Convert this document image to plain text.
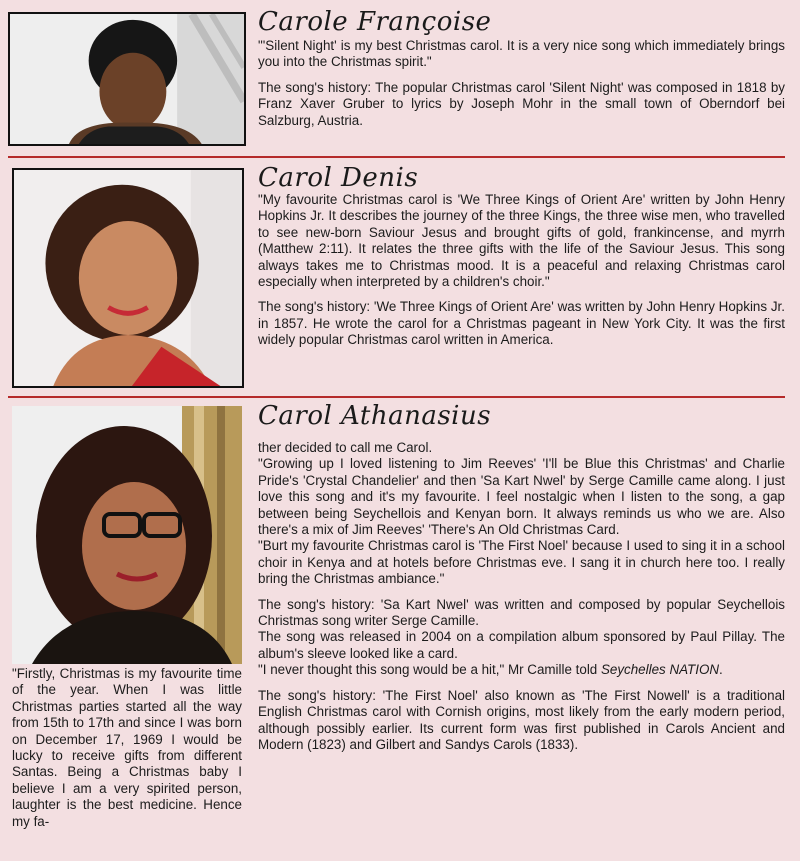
Carole Françoise

"'Silent Night' is my best Christmas carol. It is a very nice song which immediately brings you into the Christmas spirit."

The song's history: The popular Christmas carol 'Silent Night' was composed in 1818 by Franz Xaver Gruber to lyrics by Joseph Mohr in the small town of Oberndorf bei Salzburg, Austria.

Carol Denis

"My favourite Christmas carol is 'We Three Kings of Orient Are' written by John Henry Hopkins Jr. It describes the journey of the three Kings, the three wise men, who travelled to see new-born Saviour Jesus and brought gifts of gold, frankincense, and myrrh (Matthew 2:11). It relates the three gifts with the life of the Saviour Jesus. This song always takes me to Christmas mood. It is a peaceful and relaxing Christmas carol especially when interpreted by a children's choir."

The song's history: 'We Three Kings of Orient Are' was written by John Henry Hopkins Jr. in 1857. He wrote the carol for a Christmas pageant in New York City. It was the first widely popular Christmas carol written in America.

Carol Athanasius

"Firstly, Christmas is my favourite time of the year. When I was little Christmas parties started all the way from 15th to 17th and since I was born on December 17, 1969 I would be lucky to receive gifts from different Santas. Being a Christmas baby I believe I am a very spirited person, laughter is the best medicine. Hence my fa-

ther decided to call me Carol.

"Growing up I loved listening to Jim Reeves' 'I'll be Blue this Christmas' and Charlie Pride's 'Crystal Chandelier' and then 'Sa Kart Nwel' by Serge Camille came along. I just love this song and it's my favourite. I feel nostalgic when I listen to the song, a gap between being Seychellois and Kenyan born. It always reminds us who we are. Also there's a mix of Jim Reeves' 'There's An Old Christmas Card.

"Burt my favourite Christmas carol is 'The First Noel' because I used to sing it in a school choir in Kenya and at hotels before Christmas eve. I sang it in church here too. I really bring the Christmas ambiance."

The song's history: 'Sa Kart Nwel' was written and composed by popular Seychellois Christmas song writer Serge Camille.

The song was released in 2004 on a compilation album sponsored by Paul Pillay. The album's sleeve looked like a card.

"I never thought this song would be a hit," Mr Camille told Seychelles NATION.

The song's history: 'The First Noel' also known as 'The First Nowell' is a traditional English Christmas carol with Cornish origins, most likely from the early modern period, although possibly earlier. Its current form was first published in Carols Ancient and Modern (1823) and Gilbert and Sandys Carols (1833).
